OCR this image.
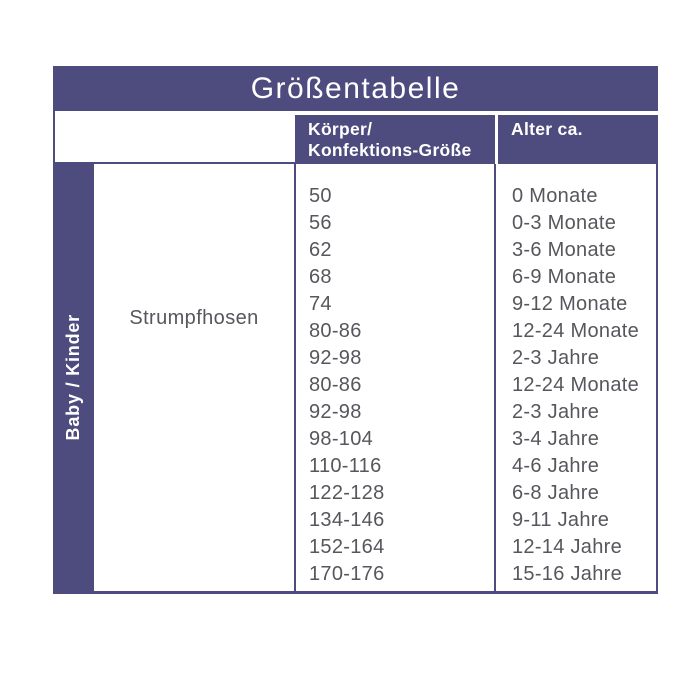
Größentabelle
Körper/
Konfektions-Größe
Alter ca.
Baby / Kinder	Strumpfhosen
50
56
62
68
74
80-86
92-98
80-86
92-98
98-104
110-116
122-128
134-146
152-164
170-176
0 Monate
0-3 Monate
3-6 Monate
6-9 Monate
9-12 Monate
12-24 Monate
2-3 Jahre
12-24 Monate
2-3 Jahre
3-4 Jahre
4-6 Jahre
6-8 Jahre
9-11 Jahre
12-14 Jahre
15-16 Jahre
